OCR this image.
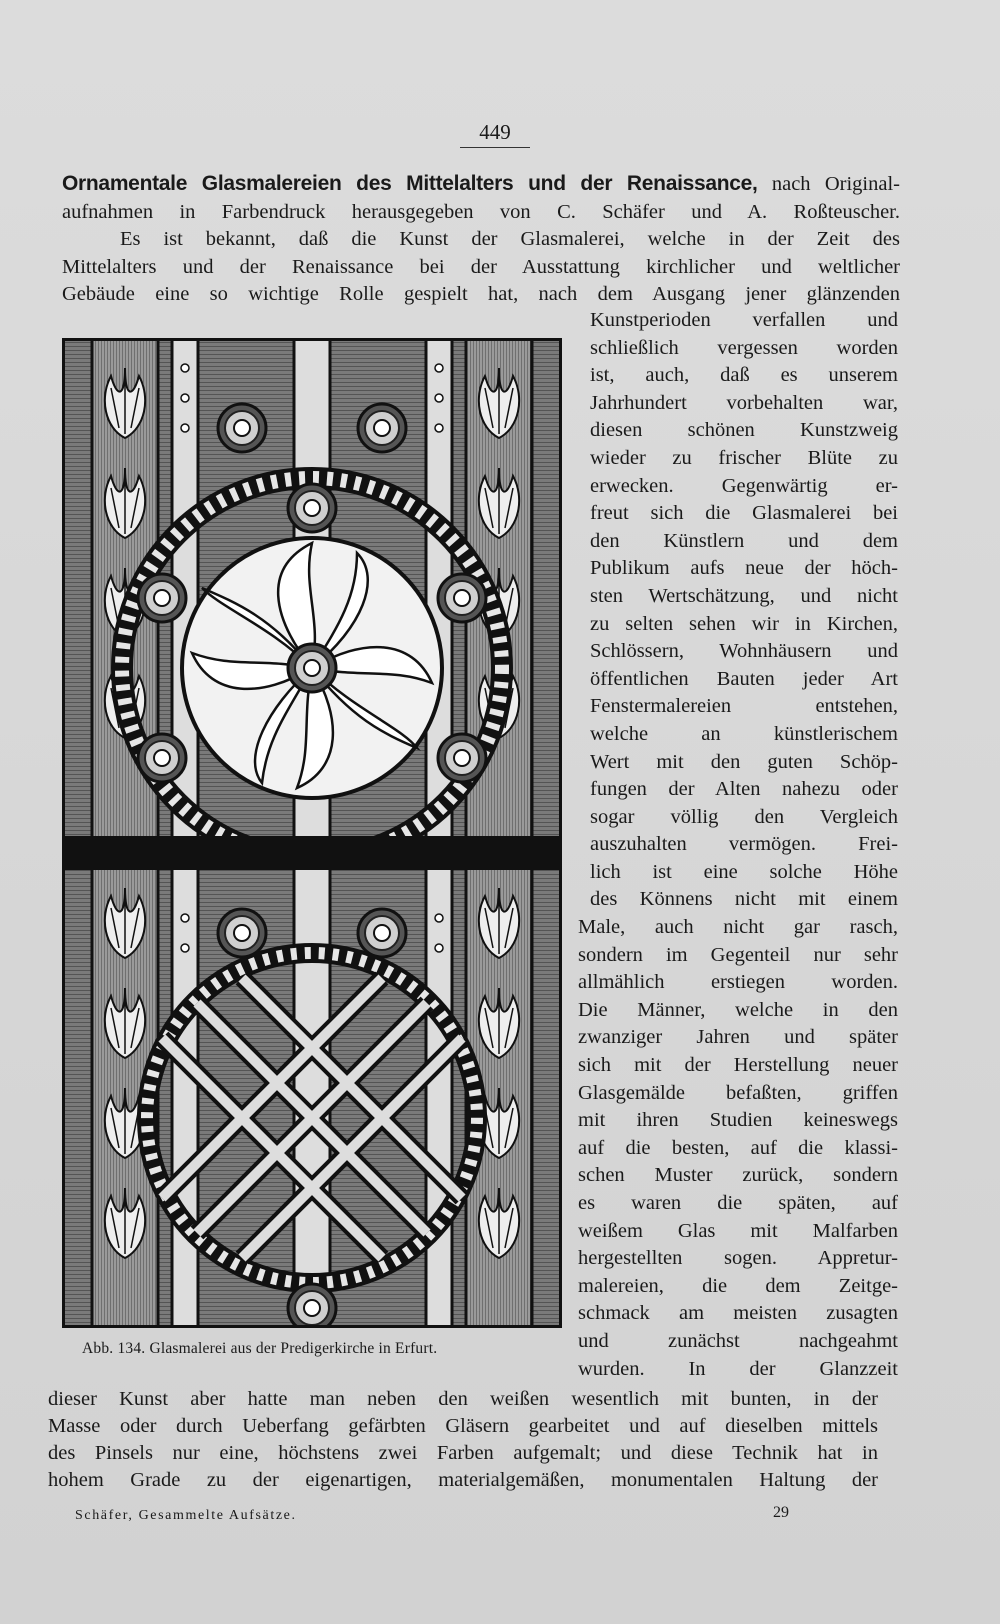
449
Ornamentale Glasmalereien des Mittelalters und der Renaissance, nach Original-
aufnahmen in Farbendruck herausgegeben von C. Schäfer und A. Roßteuscher.
Es ist bekannt, daß die Kunst der Glasmalerei, welche in der Zeit des
Mittelalters und der Renaissance bei der Ausstattung kirchlicher und weltlicher
Gebäude eine so wichtige Rolle gespielt hat, nach dem Ausgang jener glänzenden
Kunstperioden verfallen und
schließlich vergessen worden
ist, auch, daß es unserem
Jahrhundert vorbehalten war,
diesen schönen Kunstzweig
wieder zu frischer Blüte zu
erwecken. Gegenwärtig er-
freut sich die Glasmalerei bei
den Künstlern und dem
Publikum aufs neue der höch-
sten Wertschätzung, und nicht
zu selten sehen wir in Kirchen,
Schlössern, Wohnhäusern und
öffentlichen Bauten jeder Art
Fenstermalereien entstehen,
welche an künstlerischem
Wert mit den guten Schöp-
fungen der Alten nahezu oder
sogar völlig den Vergleich
auszuhalten vermögen. Frei-
lich ist eine solche Höhe
des Könnens nicht mit einem
Male, auch nicht gar rasch,
sondern im Gegenteil nur sehr
allmählich erstiegen worden.
Die Männer, welche in den
zwanziger Jahren und später
sich mit der Herstellung neuer
Glasgemälde befaßten, griffen
mit ihren Studien keineswegs
auf die besten, auf die klassi-
schen Muster zurück, sondern
es waren die späten, auf
weißem Glas mit Malfarben
hergestellten sogen. Appretur-
malereien, die dem Zeitge-
schmack am meisten zusagten
und zunächst nachgeahmt
wurden. In der Glanzzeit
Abb. 134. Glasmalerei aus der Predigerkirche in Erfurt.
dieser Kunst aber hatte man neben den weißen wesentlich mit bunten, in der
Masse oder durch Ueberfang gefärbten Gläsern gearbeitet und auf dieselben mittels
des Pinsels nur eine, höchstens zwei Farben aufgemalt; und diese Technik hat in
hohem Grade zu der eigenartigen, materialgemäßen, monumentalen Haltung der
Schäfer, Gesammelte Aufsätze.	29
